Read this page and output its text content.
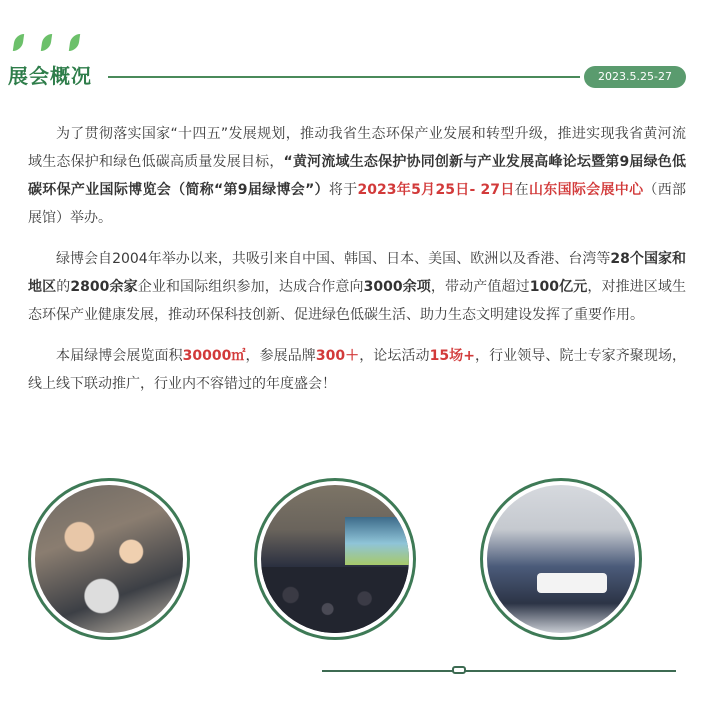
展会概况	2023.5.25-27

为了贯彻落实国家“十四五”发展规划，推动我省生态环保产业发展和转型升级，推进实现我省黄河流域生态保护和绿色低碳高质量发展目标，“黄河流域生态保护协同创新与产业发展高峰论坛暨第9届绿色低碳环保产业国际博览会（简称“第9届绿博会”）将于2023年5月25日- 27日在山东国际会展中心（西部展馆）举办。

绿博会自2004年举办以来，共吸引来自中国、韩国、日本、美国、欧洲以及香港、台湾等28个国家和地区的2800余家企业和国际组织参加，达成合作意向3000余项，带动产值超过100亿元，对推进区域生态环保产业健康发展，推动环保科技创新、促进绿色低碳生活、助力生态文明建设发挥了重要作用。

本届绿博会展览面积30000㎡，参展品牌300＋，论坛活动15场+，行业领导、院士专家齐聚现场，线上线下联动推广，行业内不容错过的年度盛会！
